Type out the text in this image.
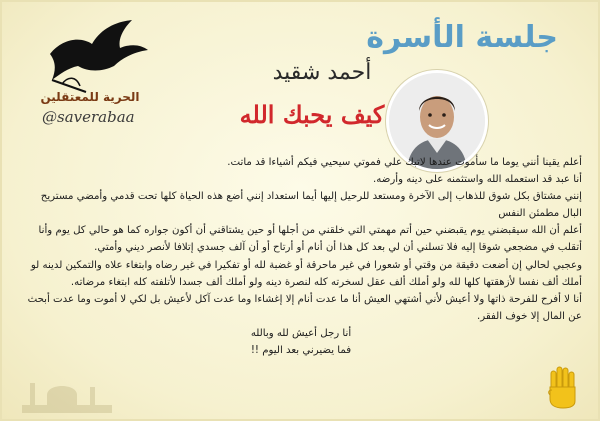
جلسة الأسرة
الحرية للمعتقلين
@saverabaa
أحمد شقيد
كيف يحبك الله

أعلم يقينا أنني يوما ما سأموت عندها لاتبك علي فموتي سيحيي فيكم أشياءا قد ماتت.

أنا عبد قد استعمله الله واستثمنه على دينه وأرضه.

إنني مشتاق بكل شوق للذهاب إلى الآخرة ومستعد للرحيل إليها أيما استعداد إنني أضع هذه الحياة كلها تحت قدمي وأمضي مستريح البال مطمئن النفس

أعلم أن الله سيقبضني يوم يقبضني حين أتم مهمتي التي خلقني من أجلها أو حين يشتاقني أن أكون جواره كما هو حالي كل يوم وأنا أتقلب في مضجعي شوقا إليه فلا تسلني أن لي بعد كل هذا أن أنام أو أرتاح أو أن آلف جسدي إتلافا لأنصر ديني وأمتي.

وعجبي لحالي إن أضعت دقيقة من وقتي أو شعورا في غير ماحرقة أو غضبة لله أو تفكيرا في غير رضاه وابتغاء علاه والتمكين لدينه لو أملك ألف نفسا لأزهقتها كلها لله ولو أملك ألف عقل لسخرته كله لنصرة دينه ولو أملك ألف جسدا لأتلفته كله ابتغاء مرضاته.

أنا لا أفرح للفرحة ذاتها ولا أعيش لأني أشتهي العيش أنا ما عدت أنام إلا إغشاءا وما عدت آكل لأعيش بل لكي لا أموت وما عدت أبحث عن المال إلا خوف الفقر.

أنا رجل أعيش لله وبالله

فما يضيرني بعد اليوم !!
